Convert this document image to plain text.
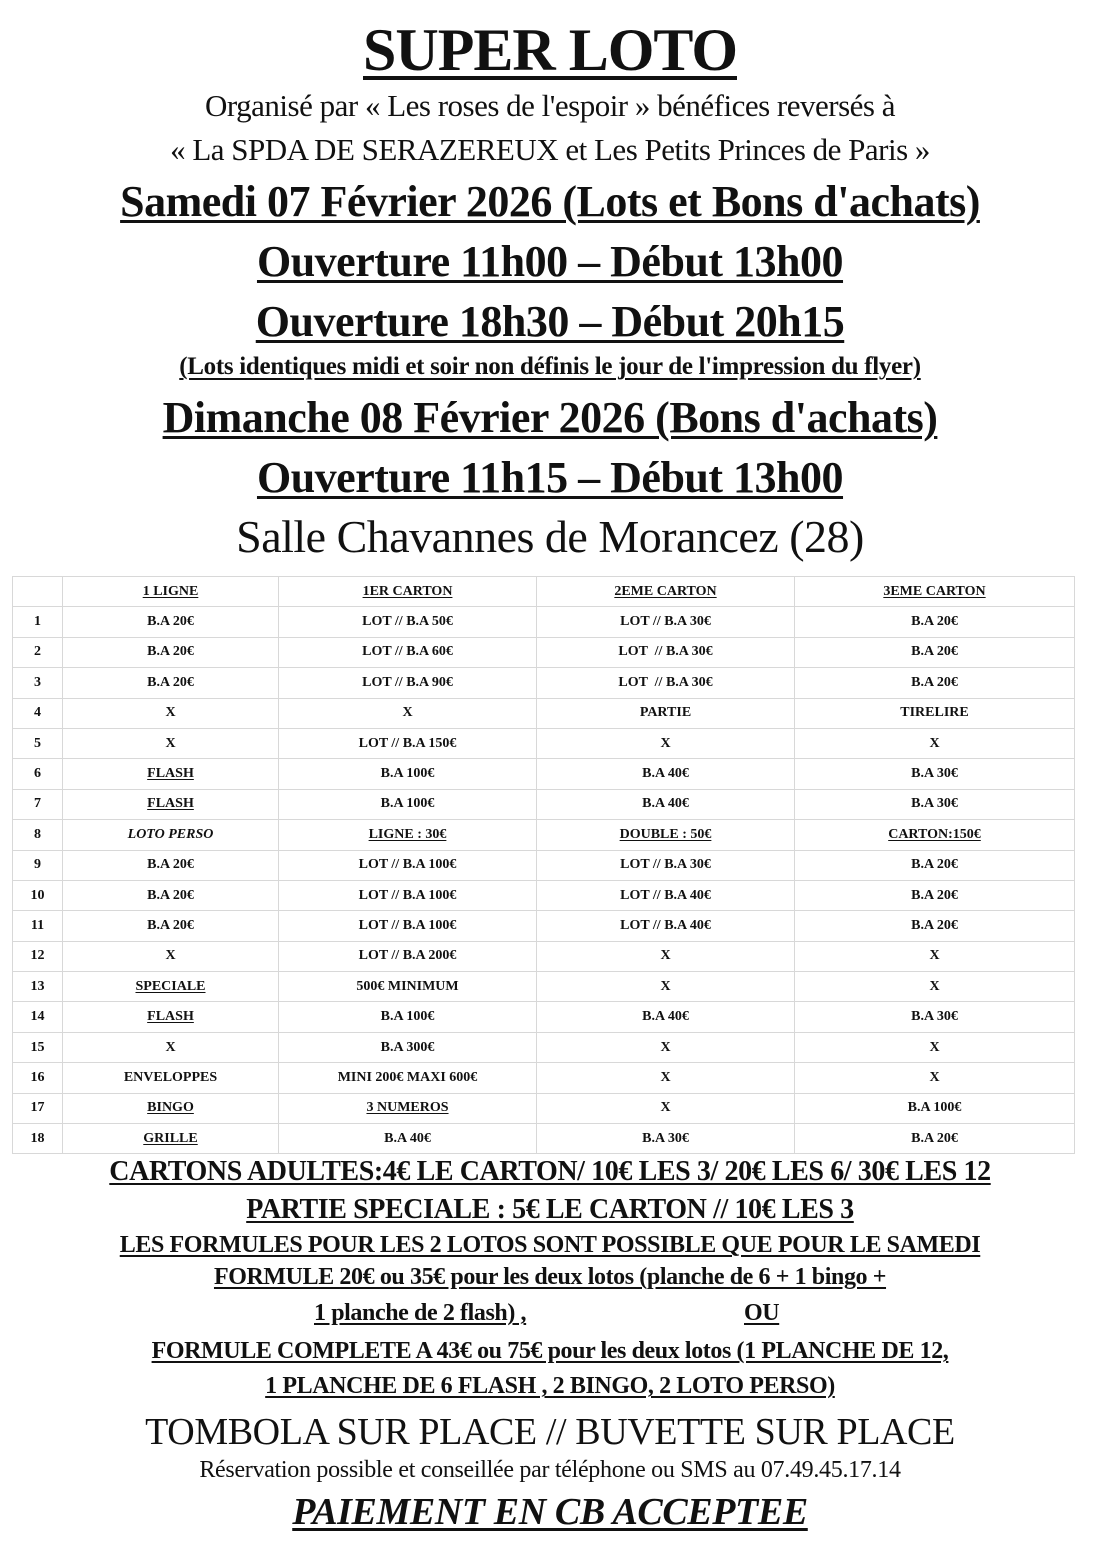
SUPER LOTO
Organisé par « Les roses de l'espoir » bénéfices reversés à
« La SPDA DE SERAZEREUX et Les Petits Princes de Paris »
Samedi 07 Février 2026 (Lots et Bons d'achats)
Ouverture 11h00 – Début 13h00
Ouverture 18h30 – Début 20h15
(Lots identiques midi et soir non définis le jour de l'impression du flyer)
Dimanche 08 Février 2026 (Bons d'achats)
Ouverture 11h15 – Début 13h00
Salle Chavannes de Morancez (28)
	1 LIGNE	1ER CARTON	2EME CARTON	3EME CARTON
1	B.A 20€	LOT // B.A 50€	LOT // B.A 30€	B.A 20€
2	B.A 20€	LOT // B.A 60€	LOT  // B.A 30€	B.A 20€
3	B.A 20€	LOT // B.A 90€	LOT  // B.A 30€	B.A 20€
4	X	X	PARTIE	TIRELIRE
5	X	LOT // B.A 150€	X	X
6	FLASH	B.A 100€	B.A 40€	B.A 30€
7	FLASH	B.A 100€	B.A 40€	B.A 30€
8	LOTO PERSO	LIGNE : 30€	DOUBLE : 50€	CARTON:150€
9	B.A 20€	LOT // B.A 100€	LOT // B.A 30€	B.A 20€
10	B.A 20€	LOT // B.A 100€	LOT // B.A 40€	B.A 20€
11	B.A 20€	LOT // B.A 100€	LOT // B.A 40€	B.A 20€
12	X	LOT // B.A 200€	X	X
13	SPECIALE	500€ MINIMUM	X	X
14	FLASH	B.A 100€	B.A 40€	B.A 30€
15	X	B.A 300€	X	X
16	ENVELOPPES	MINI 200€ MAXI 600€	X	X
17	BINGO	3 NUMEROS	X	B.A 100€
18	GRILLE	B.A 40€	B.A 30€	B.A 20€
CARTONS ADULTES:4€ LE CARTON/ 10€ LES 3/ 20€ LES 6/ 30€ LES 12
PARTIE SPECIALE : 5€ LE CARTON // 10€ LES 3
LES FORMULES POUR LES 2 LOTOS SONT POSSIBLE QUE POUR LE SAMEDI
FORMULE 20€ ou 35€ pour les deux lotos (planche de 6 + 1 bingo +
1 planche de 2 flash) ,	OU
FORMULE COMPLETE A 43€ ou 75€ pour les deux lotos (1 PLANCHE DE 12,
1 PLANCHE DE 6 FLASH , 2 BINGO, 2 LOTO PERSO)
TOMBOLA SUR PLACE // BUVETTE SUR PLACE
Réservation possible et conseillée par téléphone ou SMS au 07.49.45.17.14
PAIEMENT EN CB ACCEPTEE
